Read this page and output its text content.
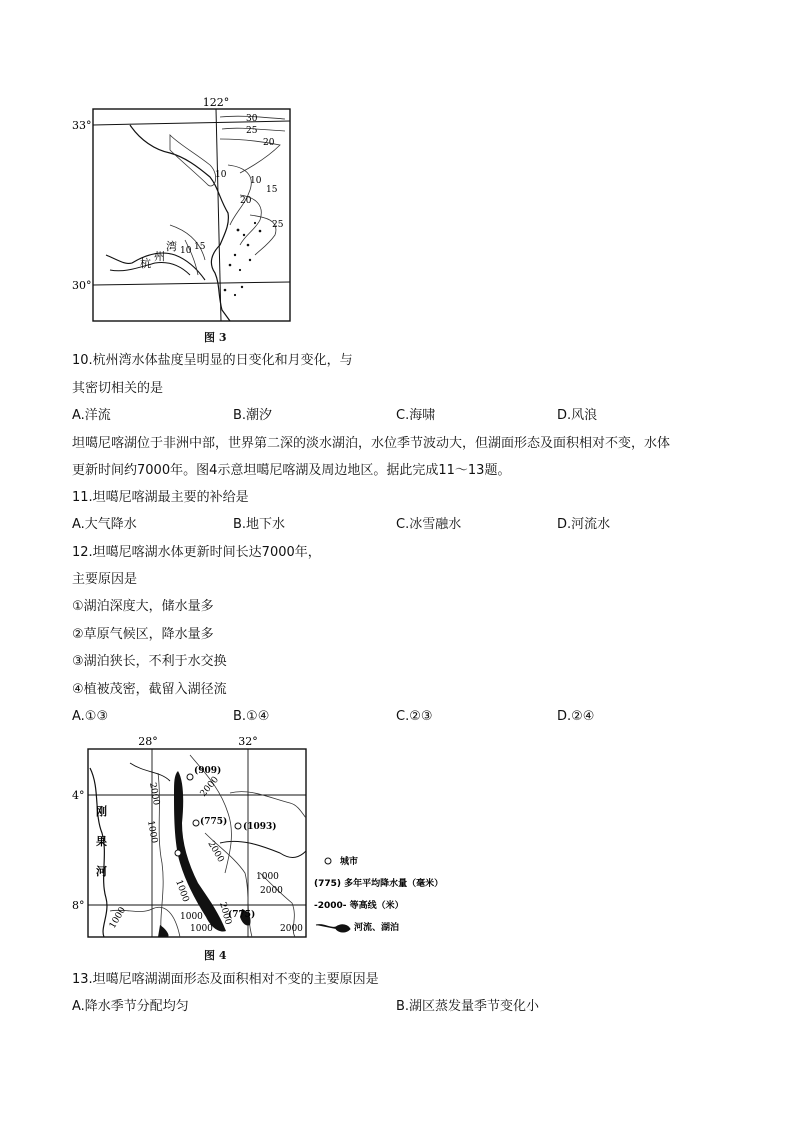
122°
33°
30°
30
25
20
10
15
20
25
10 15
10
杭
州
湾
图 3
10.杭州湾水体盐度呈明显的日变化和月变化，与
其密切相关的是
A.洋流	B.潮汐	C.海啸	D.风浪
坦噶尼喀湖位于非洲中部，世界第二深的淡水湖泊，水位季节波动大，但湖面形态及面积相对不变，水体
更新时间约7000年。图4示意坦噶尼喀湖及周边地区。据此完成11～13题。
11.坦噶尼喀湖最主要的补给是
A.大气降水	B.地下水	C.冰雪融水	D.河流水
12.坦噶尼喀湖水体更新时间长达7000年，
主要原因是
①湖泊深度大，储水量多
②草原气候区，降水量多
③湖泊狭长，不利于水交换
④植被茂密，截留入湖径流
A.①③	B.①④	C.②③	D.②④
28°	32°
4°
8°
刚
果
河
(909)
(775) (1093)
(775)
2000
1000
2000
2000
1000
2000
1000
1000	1000 2000
2000
1000
城市
(775) 多年平均降水量（毫米）
-2000- 等高线（米）
河流、湖泊
图 4
13.坦噶尼喀湖湖面形态及面积相对不变的主要原因是
A.降水季节分配均匀	B.湖区蒸发量季节变化小
